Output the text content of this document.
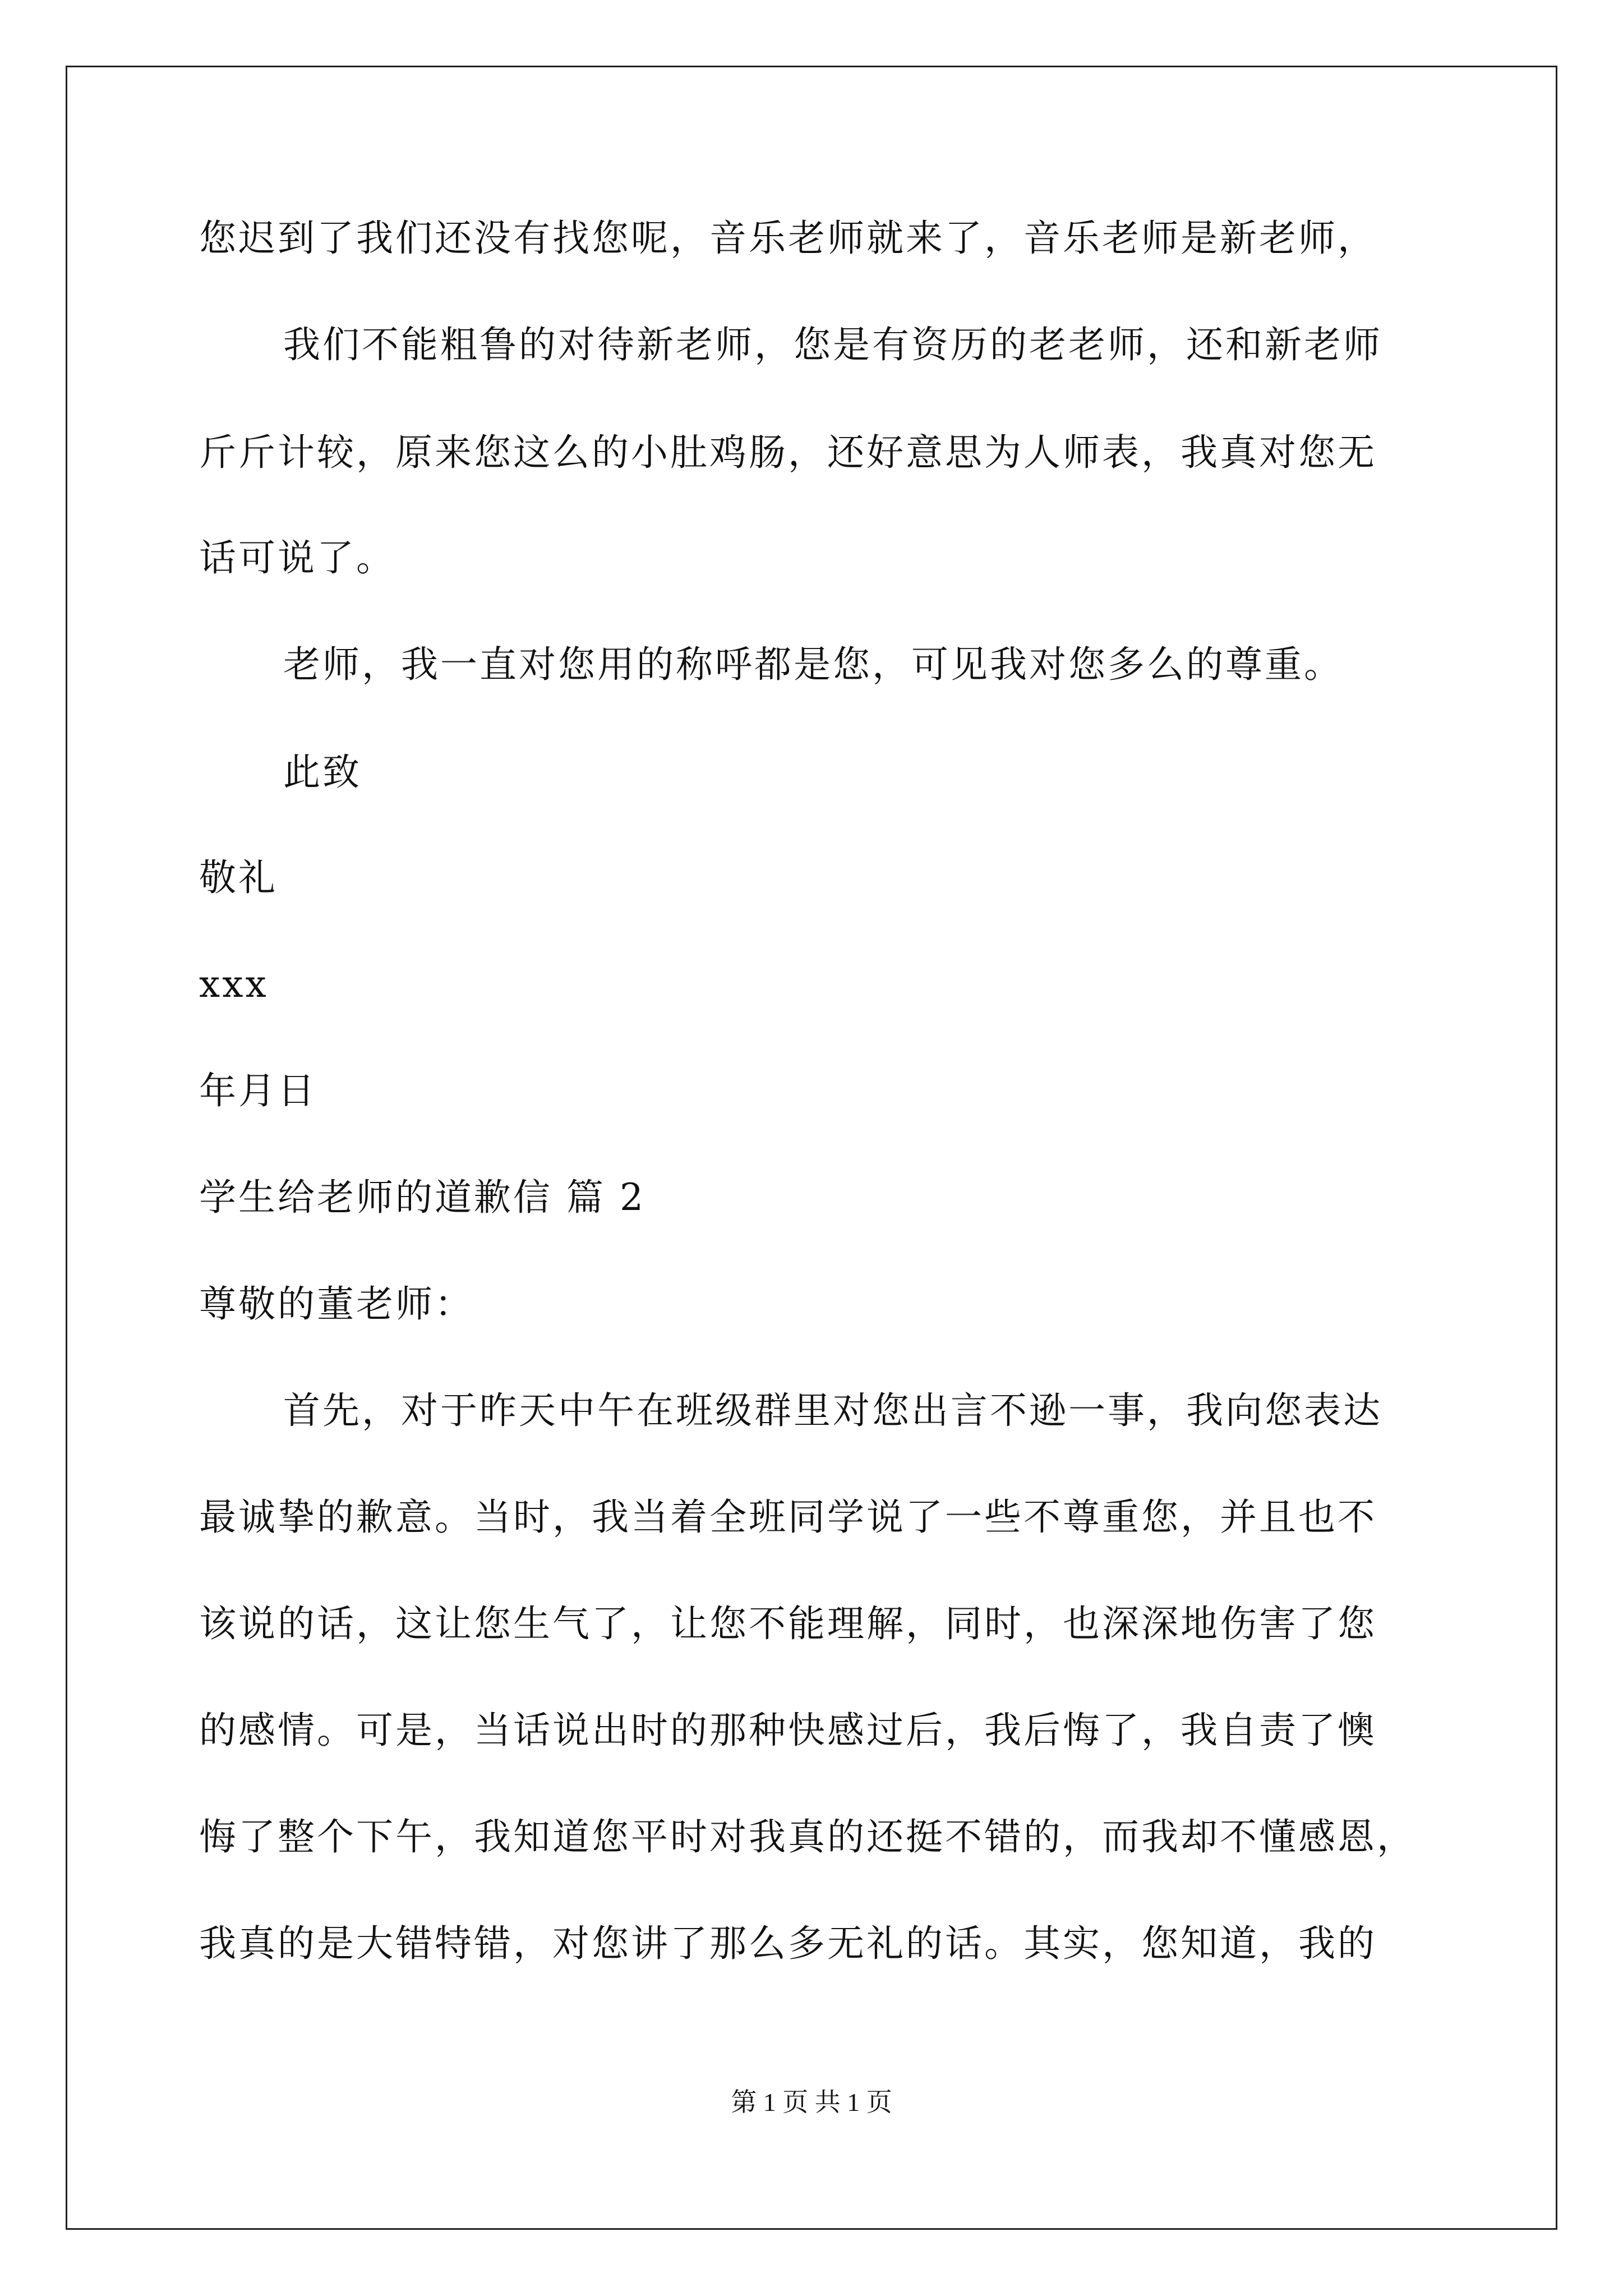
您迟到了我们还没有找您呢，音乐老师就来了，音乐老师是新老师，
我们不能粗鲁的对待新老师，您是有资历的老老师，还和新老师
斤斤计较，原来您这么的小肚鸡肠，还好意思为人师表，我真对您无
话可说了。
老师，我一直对您用的称呼都是您，可见我对您多么的尊重。
此致
敬礼
xxx
年月日
学生给老师的道歉信 篇 2
尊敬的董老师：
首先，对于昨天中午在班级群里对您出言不逊一事，我向您表达
最诚挚的歉意。当时，我当着全班同学说了一些不尊重您，并且也不
该说的话，这让您生气了，让您不能理解，同时，也深深地伤害了您
的感情。可是，当话说出时的那种快感过后，我后悔了，我自责了懊
悔了整个下午，我知道您平时对我真的还挺不错的，而我却不懂感恩，
我真的是大错特错，对您讲了那么多无礼的话。其实，您知道，我的
第 1 页 共 1 页
